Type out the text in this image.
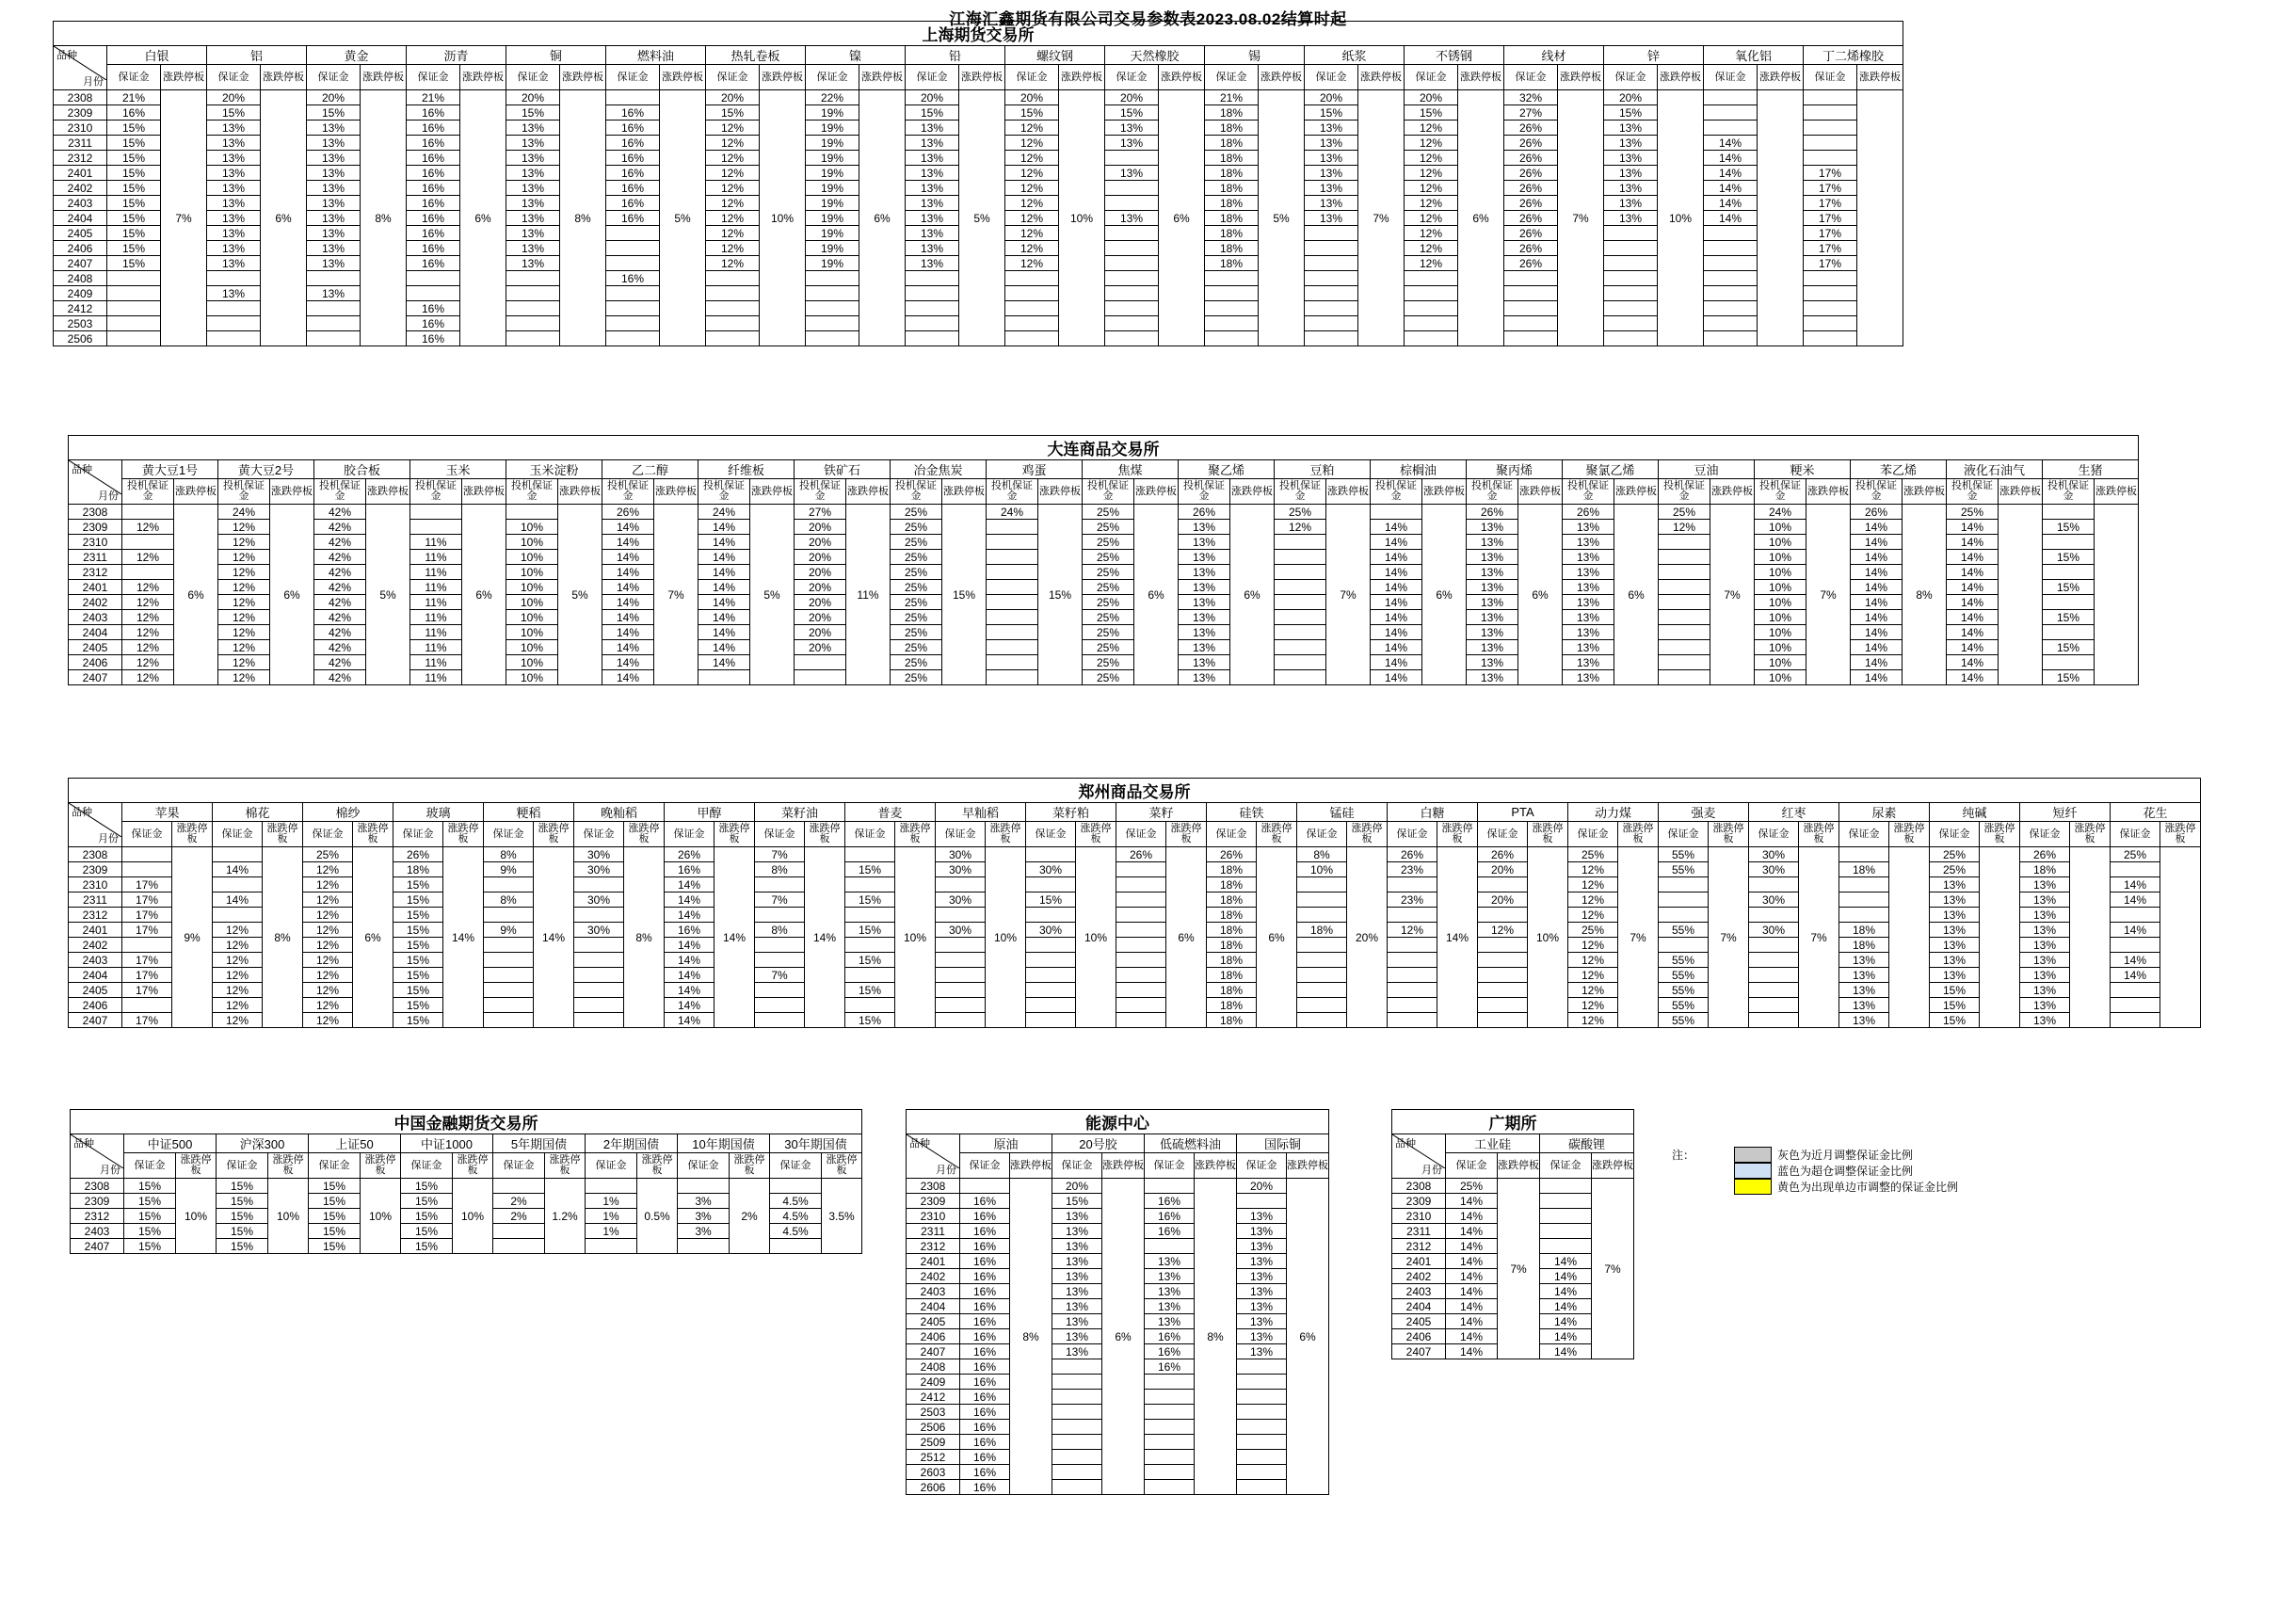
江海汇鑫期货有限公司交易参数表2023.08.02结算时起
上海期货交易所
品种
月份	白银		铝		黄金		沥青		铜		燃料油		热轧卷板		镍		铅		螺纹钢		天然橡胶		锡		纸浆		不锈钢		线材		锌		氧化铝		丁二烯橡胶	
	保证金	涨跌停板	保证金	涨跌停板	保证金	涨跌停板	保证金	涨跌停板	保证金	涨跌停板	保证金	涨跌停板	保证金	涨跌停板	保证金	涨跌停板	保证金	涨跌停板	保证金	涨跌停板	保证金	涨跌停板	保证金	涨跌停板	保证金	涨跌停板	保证金	涨跌停板	保证金	涨跌停板	保证金	涨跌停板	保证金	涨跌停板	保证金	涨跌停板
2308	21%	7%	20%	6%	20%	8%	21%	6%	20%	8%		5%	20%	10%	22%	6%	20%	5%	20%	10%	20%	6%	21%	5%	20%	7%	20%	6%	32%	7%	20%	10%				
2309	16%		15%		15%		16%		15%		16%		15%		19%		15%		15%		15%		18%		15%		15%		27%		15%					
2310	15%		13%		13%		16%		13%		16%		12%		19%		13%		12%		13%		18%		13%		12%		26%		13%					
2311	15%		13%		13%		16%		13%		16%		12%		19%		13%		12%		13%		18%		13%		12%		26%		13%		14%			
2312	15%		13%		13%		16%		13%		16%		12%		19%		13%		12%				18%		13%		12%		26%		13%		14%			
2401	15%		13%		13%		16%		13%		16%		12%		19%		13%		12%		13%		18%		13%		12%		26%		13%		14%		17%	
2402	15%		13%		13%		16%		13%		16%		12%		19%		13%		12%				18%		13%		12%		26%		13%		14%		17%	
2403	15%		13%		13%		16%		13%		16%		12%		19%		13%		12%				18%		13%		12%		26%		13%		14%		17%	
2404	15%		13%		13%		16%		13%		16%		12%		19%		13%		12%		13%		18%		13%		12%		26%		13%		14%		17%	
2405	15%		13%		13%		16%		13%				12%		19%		13%		12%				18%				12%		26%						17%	
2406	15%		13%		13%		16%		13%				12%		19%		13%		12%				18%				12%		26%						17%	
2407	15%		13%		13%		16%		13%				12%		19%		13%		12%				18%				12%		26%						17%	
2408											16%																									
2409			13%		13%																															
2412							16%																													
2503							16%																													
2506							16%																													
大连商品交易所
品种
月份	黄大豆1号		黄大豆2号		胶合板		玉米		玉米淀粉		乙二醇		纤维板		铁矿石		冶金焦炭		鸡蛋		焦煤		聚乙烯		豆粕		棕榈油		聚丙烯		聚氯乙烯		豆油		粳米		苯乙烯		液化石油气		生猪	
	投机保证金	涨跌停板	投机保证金	涨跌停板	投机保证金	涨跌停板	投机保证金	涨跌停板	投机保证金	涨跌停板	投机保证金	涨跌停板	投机保证金	涨跌停板	投机保证金	涨跌停板	投机保证金	涨跌停板	投机保证金	涨跌停板	投机保证金	涨跌停板	投机保证金	涨跌停板	投机保证金	涨跌停板	投机保证金	涨跌停板	投机保证金	涨跌停板	投机保证金	涨跌停板	投机保证金	涨跌停板	投机保证金	涨跌停板	投机保证金	涨跌停板	投机保证金	涨跌停板	投机保证金	涨跌停板
2308		6%	24%	6%	42%	5%		6%		5%	26%	7%	24%	5%	27%	11%	25%	15%	24%	15%	25%	6%	26%	6%	25%	7%		6%	26%	6%	26%	6%	25%	7%	24%	7%	26%	8%	25%			
2309	12%		12%		42%				10%		14%		14%		20%		25%				25%		13%		12%		14%		13%		13%		12%		10%		14%		14%		15%	
2310			12%		42%		11%		10%		14%		14%		20%		25%				25%		13%				14%		13%		13%				10%		14%		14%			
2311	12%		12%		42%		11%		10%		14%		14%		20%		25%				25%		13%				14%		13%		13%				10%		14%		14%		15%	
2312			12%		42%		11%		10%		14%		14%		20%		25%				25%		13%				14%		13%		13%				10%		14%		14%			
2401	12%		12%		42%		11%		10%		14%		14%		20%		25%				25%		13%				14%		13%		13%				10%		14%		14%		15%	
2402	12%		12%		42%		11%		10%		14%		14%		20%		25%				25%		13%				14%		13%		13%				10%		14%		14%			
2403	12%		12%		42%		11%		10%		14%		14%		20%		25%				25%		13%				14%		13%		13%				10%		14%		14%		15%	
2404	12%		12%		42%		11%		10%		14%		14%		20%		25%				25%		13%				14%		13%		13%				10%		14%		14%			
2405	12%		12%		42%		11%		10%		14%		14%		20%		25%				25%		13%				14%		13%		13%				10%		14%		14%		15%	
2406	12%		12%		42%		11%		10%		14%		14%				25%				25%		13%				14%		13%		13%				10%		14%		14%			
2407	12%		12%		42%		11%		10%		14%						25%				25%		13%				14%		13%		13%				10%		14%		14%		15%	
郑州商品交易所
品种
月份	苹果		棉花		棉纱		玻璃		粳稻		晚籼稻		甲醇		菜籽油		普麦		早籼稻		菜籽粕		菜籽		硅铁		锰硅		白糖		PTA		动力煤		强麦		红枣		尿素		纯碱		短纤		花生	
	保证金	涨跌停板	保证金	涨跌停板	保证金	涨跌停板	保证金	涨跌停板	保证金	涨跌停板	保证金	涨跌停板	保证金	涨跌停板	保证金	涨跌停板	保证金	涨跌停板	保证金	涨跌停板	保证金	涨跌停板	保证金	涨跌停板	保证金	涨跌停板	保证金	涨跌停板	保证金	涨跌停板	保证金	涨跌停板	保证金	涨跌停板	保证金	涨跌停板	保证金	涨跌停板	保证金	涨跌停板	保证金	涨跌停板	保证金	涨跌停板	保证金	涨跌停板
2308		9%		8%	25%	6%	26%	14%	8%	14%	30%	8%	26%	14%	7%	14%		10%	30%	10%		10%	26%	6%	26%	6%	8%	20%	26%	14%	26%	10%	25%	7%	55%	7%	30%	7%			25%		26%		25%	
2309			14%		12%		18%		9%		30%		16%		8%		15%		30%		30%				18%		10%		23%		20%		12%		55%		30%		18%		25%		18%			
2310	17%				12%		15%						14%												18%								12%								13%		13%		14%	
2311	17%		14%		12%		15%		8%		30%		14%		7%		15%		30%		15%				18%				23%		20%		12%				30%				13%		13%		14%	
2312	17%				12%		15%						14%												18%								12%								13%		13%			
2401	17%		12%		12%		15%		9%		30%		16%		8%		15%		30%		30%				18%		18%		12%		12%		25%		55%		30%		18%		13%		13%		14%	
2402			12%		12%		15%						14%												18%								12%						18%		13%		13%			
2403	17%		12%		12%		15%						14%				15%								18%								12%		55%				13%		13%		13%		14%	
2404	17%		12%		12%		15%						14%		7%										18%								12%		55%				13%		13%		13%		14%	
2405	17%		12%		12%		15%						14%				15%								18%								12%		55%				13%		15%		13%			
2406			12%		12%		15%						14%												18%								12%		55%				13%		15%		13%			
2407	17%		12%		12%		15%						14%				15%								18%								12%		55%				13%		15%		13%			
中国金融期货交易所
品种
月份	中证500		沪深300		上证50		中证1000		5年期国债		2年期国债		10年期国债		30年期国债	
	保证金	涨跌停板	保证金	涨跌停板	保证金	涨跌停板	保证金	涨跌停板	保证金	涨跌停板	保证金	涨跌停板	保证金	涨跌停板	保证金	涨跌停板
2308	15%	10%	15%	10%	15%	10%	15%	10%		1.2%		0.5%		2%		3.5%
2309	15%		15%		15%		15%		2%		1%		3%		4.5%	
2312	15%		15%		15%		15%		2%		1%		3%		4.5%	
2403	15%		15%		15%		15%				1%		3%		4.5%	
2407	15%		15%		15%		15%									
能源中心
品种
月份	原油		20号胶		低硫燃料油		国际铜	
	保证金	涨跌停板	保证金	涨跌停板	保证金	涨跌停板	保证金	涨跌停板
2308		8%	20%	6%		8%	20%	6%
2309	16%		15%		16%			
2310	16%		13%		16%		13%	
2311	16%		13%		16%		13%	
2312	16%		13%				13%	
2401	16%		13%		13%		13%	
2402	16%		13%		13%		13%	
2403	16%		13%		13%		13%	
2404	16%		13%		13%		13%	
2405	16%		13%		13%		13%	
2406	16%		13%		16%		13%	
2407	16%		13%		16%		13%	
2408	16%				16%			
2409	16%							
2412	16%							
2503	16%							
2506	16%							
2509	16%							
2512	16%							
2603	16%							
2606	16%							
广期所
品种
月份	工业硅		碳酸锂	
	保证金	涨跌停板	保证金	涨跌停板
2308	25%	7%		7%
2309	14%			
2310	14%			
2311	14%			
2312	14%			
2401	14%		14%	
2402	14%		14%	
2403	14%		14%	
2404	14%		14%	
2405	14%		14%	
2406	14%		14%	
2407	14%		14%	
注：		灰色为近月调整保证金比例

		蓝色为超仓调整保证金比例

		黄色为出现单边市调整的保证金比例
